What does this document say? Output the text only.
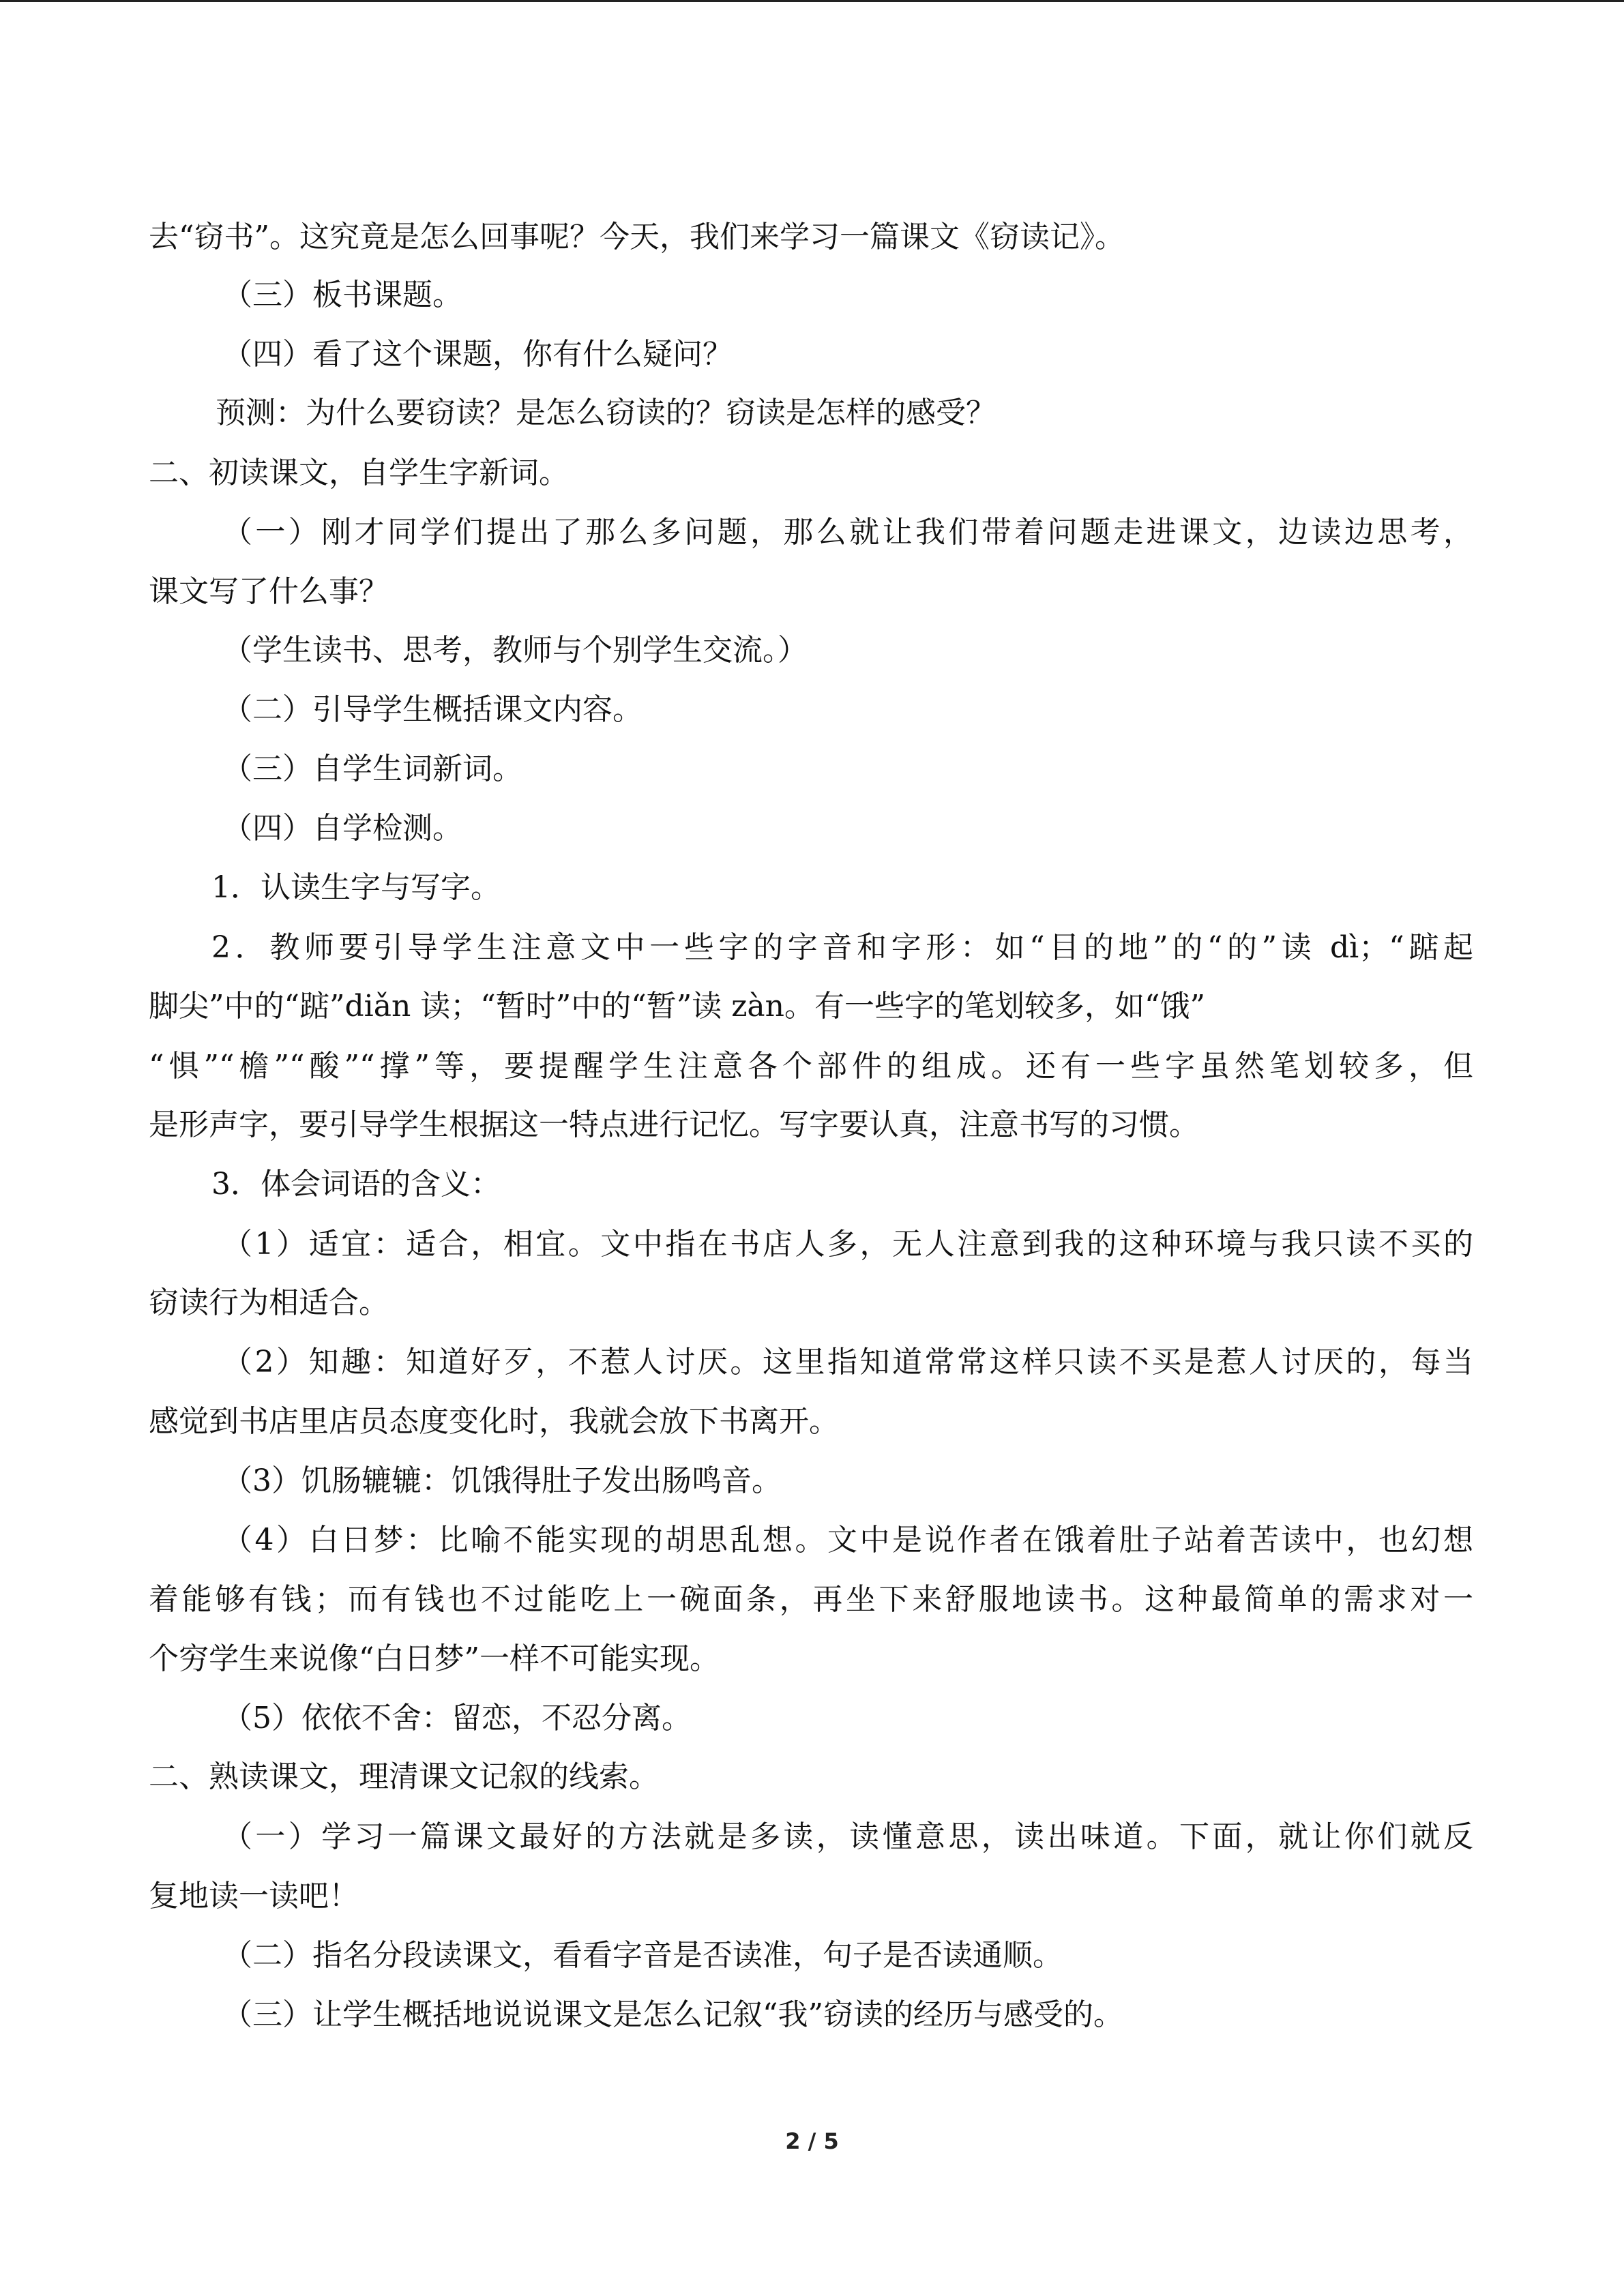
去“窃书”。这究竟是怎么回事呢？今天，我们来学习一篇课文《窃读记》。
（三）板书课题。
（四）看了这个课题，你有什么疑问？
预测：为什么要窃读？是怎么窃读的？窃读是怎样的感受？
二、初读课文，自学生字新词。
（一）刚才同学们提出了那么多问题，那么就让我们带着问题走进课文，边读边思考，
课文写了什么事？
（学生读书、思考，教师与个别学生交流。）
（二）引导学生概括课文内容。
（三）自学生词新词。
（四）自学检测。
1．认读生字与写字。
2．教师要引导学生注意文中一些字的字音和字形：如“目的地”的“的”读 dì；“踮起
脚尖”中的“踮”diǎn 读；“暂时”中的“暂”读 zàn。有一些字的笔划较多，如“饿”
“惧”“檐”“酸”“撑”等，要提醒学生注意各个部件的组成。还有一些字虽然笔划较多，但
是形声字，要引导学生根据这一特点进行记忆。写字要认真，注意书写的习惯。
3．体会词语的含义：
（1）适宜：适合，相宜。文中指在书店人多，无人注意到我的这种环境与我只读不买的
窃读行为相适合。
（2）知趣：知道好歹，不惹人讨厌。这里指知道常常这样只读不买是惹人讨厌的，每当
感觉到书店里店员态度变化时，我就会放下书离开。
（3）饥肠辘辘：饥饿得肚子发出肠鸣音。
（4）白日梦：比喻不能实现的胡思乱想。文中是说作者在饿着肚子站着苦读中，也幻想
着能够有钱；而有钱也不过能吃上一碗面条，再坐下来舒服地读书。这种最简单的需求对一
个穷学生来说像“白日梦”一样不可能实现。
（5）依依不舍：留恋，不忍分离。
二、熟读课文，理清课文记叙的线索。
（一）学习一篇课文最好的方法就是多读，读懂意思，读出味道。下面，就让你们就反
复地读一读吧！
（二）指名分段读课文，看看字音是否读准，句子是否读通顺。
（三）让学生概括地说说课文是怎么记叙“我”窃读的经历与感受的。
2 / 5
